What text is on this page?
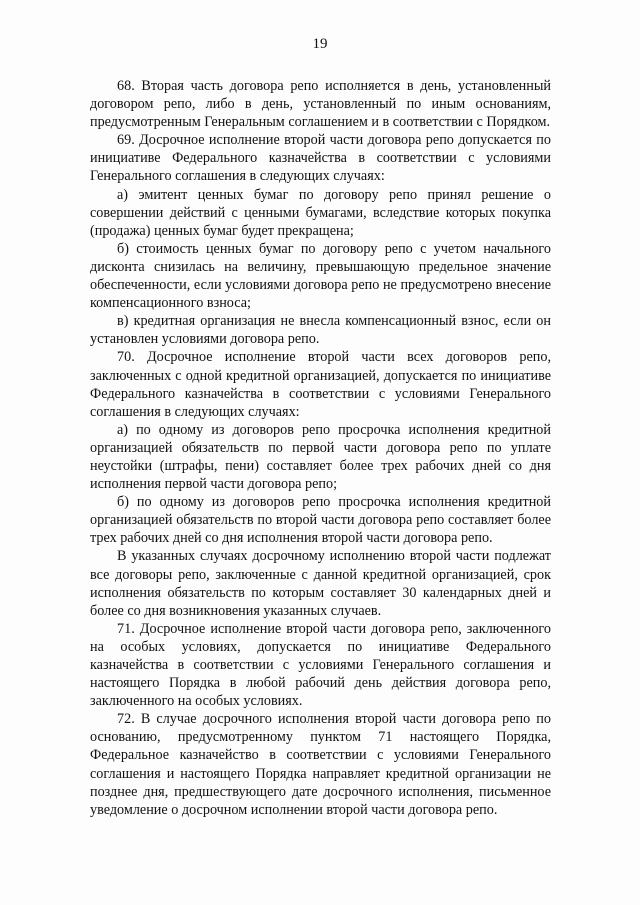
19

68. Вторая часть договора репо исполняется в день, установленный договором репо, либо в день, установленный по иным основаниям, предусмотренным Генеральным соглашением и в соответствии с Порядком.

69. Досрочное исполнение второй части договора репо допускается по инициативе Федерального казначейства в соответствии с условиями Генерального соглашения в следующих случаях:

а) эмитент ценных бумаг по договору репо принял решение о совершении действий с ценными бумагами, вследствие которых покупка (продажа) ценных бумаг будет прекращена;

б) стоимость ценных бумаг по договору репо с учетом начального дисконта снизилась на величину, превышающую предельное значение обеспеченности, если условиями договора репо не предусмотрено внесение компенсационного взноса;

в) кредитная организация не внесла компенсационный взнос, если он установлен условиями договора репо.

70. Досрочное исполнение второй части всех договоров репо, заключенных с одной кредитной организацией, допускается по инициативе Федерального казначейства в соответствии с условиями Генерального соглашения в следующих случаях:

а) по одному из договоров репо просрочка исполнения кредитной организацией обязательств по первой части договора репо по уплате неустойки (штрафы, пени) составляет более трех рабочих дней со дня исполнения первой части договора репо;

б) по одному из договоров репо просрочка исполнения кредитной организацией обязательств по второй части договора репо составляет более трех рабочих дней со дня исполнения второй части договора репо.

В указанных случаях досрочному исполнению второй части подлежат все договоры репо, заключенные с данной кредитной организацией, срок исполнения обязательств по которым составляет 30 календарных дней и более со дня возникновения указанных случаев.

71. Досрочное исполнение второй части договора репо, заключенного на особых условиях, допускается по инициативе Федерального казначейства в соответствии с условиями Генерального соглашения и настоящего Порядка в любой рабочий день действия договора репо, заключенного на особых условиях.

72. В случае досрочного исполнения второй части договора репо по основанию, предусмотренному пунктом 71 настоящего Порядка, Федеральное казначейство в соответствии с условиями Генерального соглашения и настоящего Порядка направляет кредитной организации не позднее дня, предшествующего дате досрочного исполнения, письменное уведомление о досрочном исполнении второй части договора репо.
